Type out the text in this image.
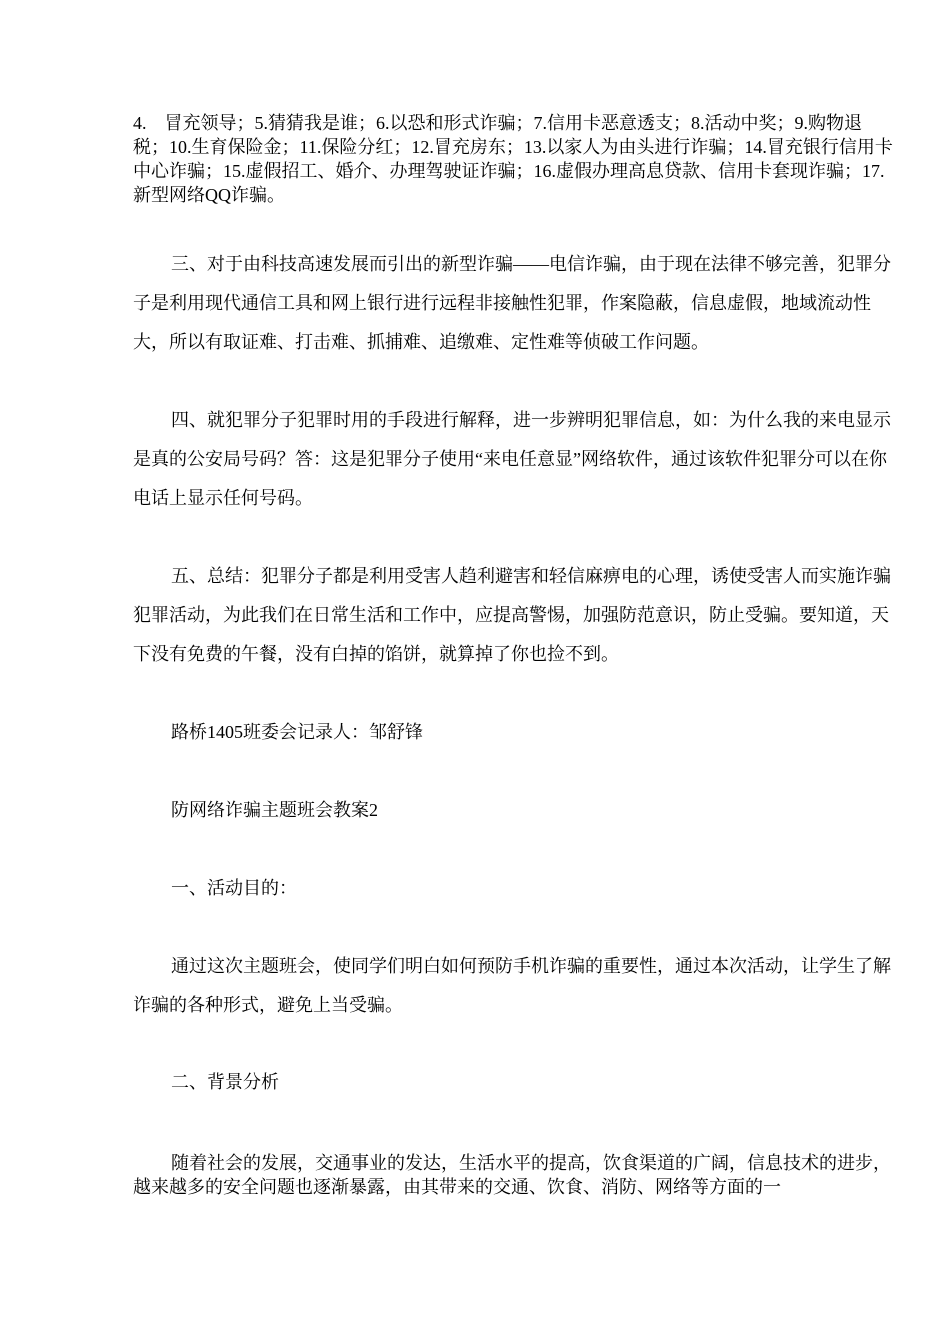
4.    冒充领导；5.猜猜我是谁；6.以恐和形式诈骗；7.信用卡恶意透支；8.活动中奖；9.购物退税；10.生育保险金；11.保险分红；12.冒充房东；13.以家人为由头进行诈骗；14.冒充银行信用卡中心诈骗；15.虚假招工、婚介、办理驾驶证诈骗；16.虚假办理高息贷款、信用卡套现诈骗；17.新型网络QQ诈骗。

三、对于由科技高速发展而引出的新型诈骗——电信诈骗，由于现在法律不够完善，犯罪分子是利用现代通信工具和网上银行进行远程非接触性犯罪，作案隐蔽，信息虚假，地域流动性大，所以有取证难、打击难、抓捕难、追缴难、定性难等侦破工作问题。

四、就犯罪分子犯罪时用的手段进行解释，进一步辨明犯罪信息，如：为什么我的来电显示是真的公安局号码？答：这是犯罪分子使用“来电任意显”网络软件，通过该软件犯罪分可以在你电话上显示任何号码。

五、总结：犯罪分子都是利用受害人趋利避害和轻信麻痹电的心理，诱使受害人而实施诈骗犯罪活动，为此我们在日常生活和工作中，应提高警惕，加强防范意识，防止受骗。要知道，天下没有免费的午餐，没有白掉的馅饼，就算掉了你也捡不到。

路桥1405班委会记录人：邹舒锋

防网络诈骗主题班会教案2

一、活动目的：

通过这次主题班会，使同学们明白如何预防手机诈骗的重要性，通过本次活动，让学生了解诈骗的各种形式，避免上当受骗。

二、背景分析

随着社会的发展，交通事业的发达，生活水平的提高，饮食渠道的广阔，信息技术的进步，越来越多的安全问题也逐渐暴露，由其带来的交通、饮食、消防、网络等方面的一
